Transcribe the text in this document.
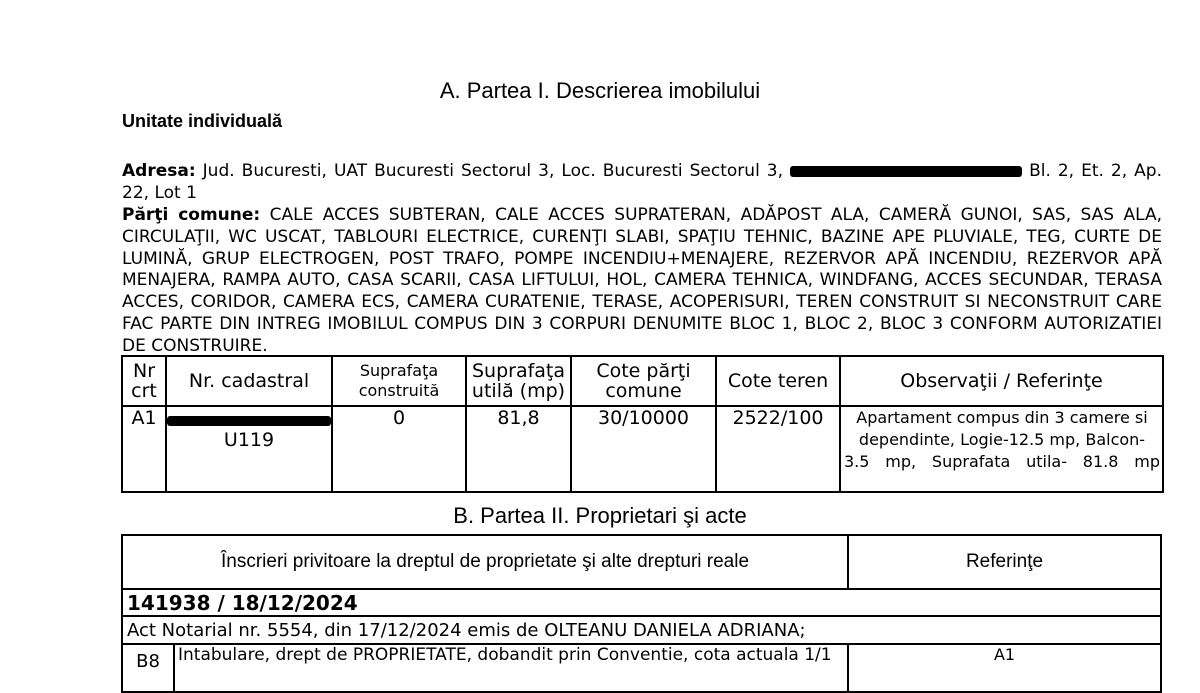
A. Partea I. Descrierea imobilului
Unitate individuală
Adresa: Jud. Bucuresti, UAT Bucuresti Sectorul 3, Loc. Bucuresti Sectorul 3,	Bl. 2, Et. 2, Ap. 22, Lot 1
Părţi comune: CALE ACCES SUBTERAN, CALE ACCES SUPRATERAN, ADĂPOST ALA, CAMERĂ GUNOI, SAS, SAS ALA, CIRCULAŢII, WC USCAT, TABLOURI ELECTRICE, CURENŢI SLABI, SPAŢIU TEHNIC, BAZINE APE PLUVIALE, TEG, CURTE DE LUMINĂ, GRUP ELECTROGEN, POST TRAFO, POMPE INCENDIU+MENAJERE, REZERVOR APĂ INCENDIU, REZERVOR APĂ MENAJERA, RAMPA AUTO, CASA SCARII, CASA LIFTULUI, HOL, CAMERA TEHNICA, WINDFANG, ACCES SECUNDAR, TERASA ACCES, CORIDOR, CAMERA ECS, CAMERA CURATENIE, TERASE, ACOPERISURI, TEREN CONSTRUIT SI NECONSTRUIT CARE FAC PARTE DIN INTREG IMOBILUL COMPUS DIN 3 CORPURI DENUMITE BLOC 1, BLOC 2, BLOC 3 CONFORM AUTORIZATIEI DE CONSTRUIRE.
Nr crt	Nr. cadastral	Suprafaţa construită	Suprafaţa utilă (mp)	Cote părţi comune	Cote teren	Observaţii / Referinţe
A1	U119	0	81,8	30/10000	2522/100	Apartament compus din 3 camere si dependinte, Logie-12.5 mp, Balcon- 3.5 mp, Suprafata utila- 81.8 mp
B. Partea II. Proprietari şi acte
Înscrieri privitoare la dreptul de proprietate şi alte drepturi reale		Referinţe
141938 / 18/12/2024		
Act Notarial nr. 5554, din 17/12/2024 emis de OLTEANU DANIELA ADRIANA;		
B8	Intabulare, drept de PROPRIETATE, dobandit prin Conventie, cota actuala 1/1	A1
